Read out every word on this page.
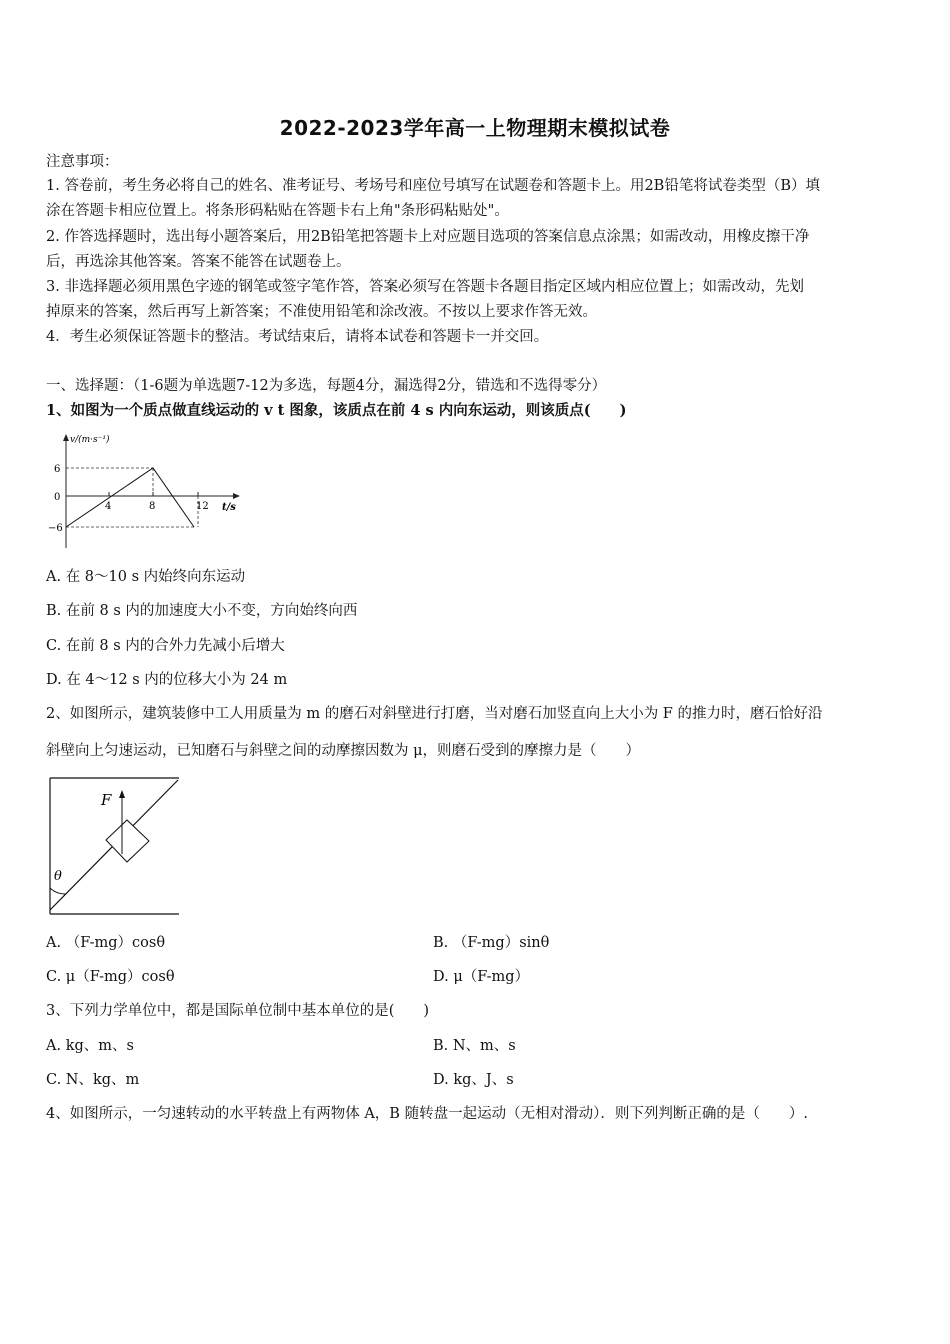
2022-2023学年高一上物理期末模拟试卷
注意事项：
1. 答卷前，考生务必将自己的姓名、准考证号、考场号和座位号填写在试题卷和答题卡上。用2B铅笔将试卷类型（B）填
涂在答题卡相应位置上。将条形码粘贴在答题卡右上角"条形码粘贴处"。
2. 作答选择题时，选出每小题答案后，用2B铅笔把答题卡上对应题目选项的答案信息点涂黑；如需改动，用橡皮擦干净
后，再选涂其他答案。答案不能答在试题卷上。
3. 非选择题必须用黑色字迹的钢笔或签字笔作答，答案必须写在答题卡各题目指定区域内相应位置上；如需改动，先划
掉原来的答案，然后再写上新答案；不准使用铅笔和涂改液。不按以上要求作答无效。
4．考生必须保证答题卡的整洁。考试结束后，请将本试卷和答题卡一并交回。
一、选择题：（1-6题为单选题7-12为多选，每题4分，漏选得2分，错选和不选得零分）
1、如图为一个质点做直线运动的 v t 图象，该质点在前 4 s 内向东运动，则该质点(　　)
v/(m·s⁻¹)
6
0
−6
4	8	12 t/s
A. 在 8～10 s 内始终向东运动
B. 在前 8 s 内的加速度大小不变，方向始终向西
C. 在前 8 s 内的合外力先减小后增大
D. 在 4～12 s 内的位移大小为 24 m
2、如图所示，建筑装修中工人用质量为 m 的磨石对斜壁进行打磨，当对磨石加竖直向上大小为 F 的推力时，磨石恰好沿
斜壁向上匀速运动，已知磨石与斜壁之间的动摩擦因数为 μ，则磨石受到的摩擦力是（　　）
F
θ
A. （F-mg）cosθ	B. （F-mg）sinθ
C. μ（F-mg）cosθ	D. μ（F-mg）
3、下列力学单位中，都是国际单位制中基本单位的是(　　)
A. kg、m、s	B. N、m、s
C. N、kg、m	D. kg、J、s
4、如图所示，一匀速转动的水平转盘上有两物体 A，B 随转盘一起运动（无相对滑动）．则下列判断正确的是（　　）.
